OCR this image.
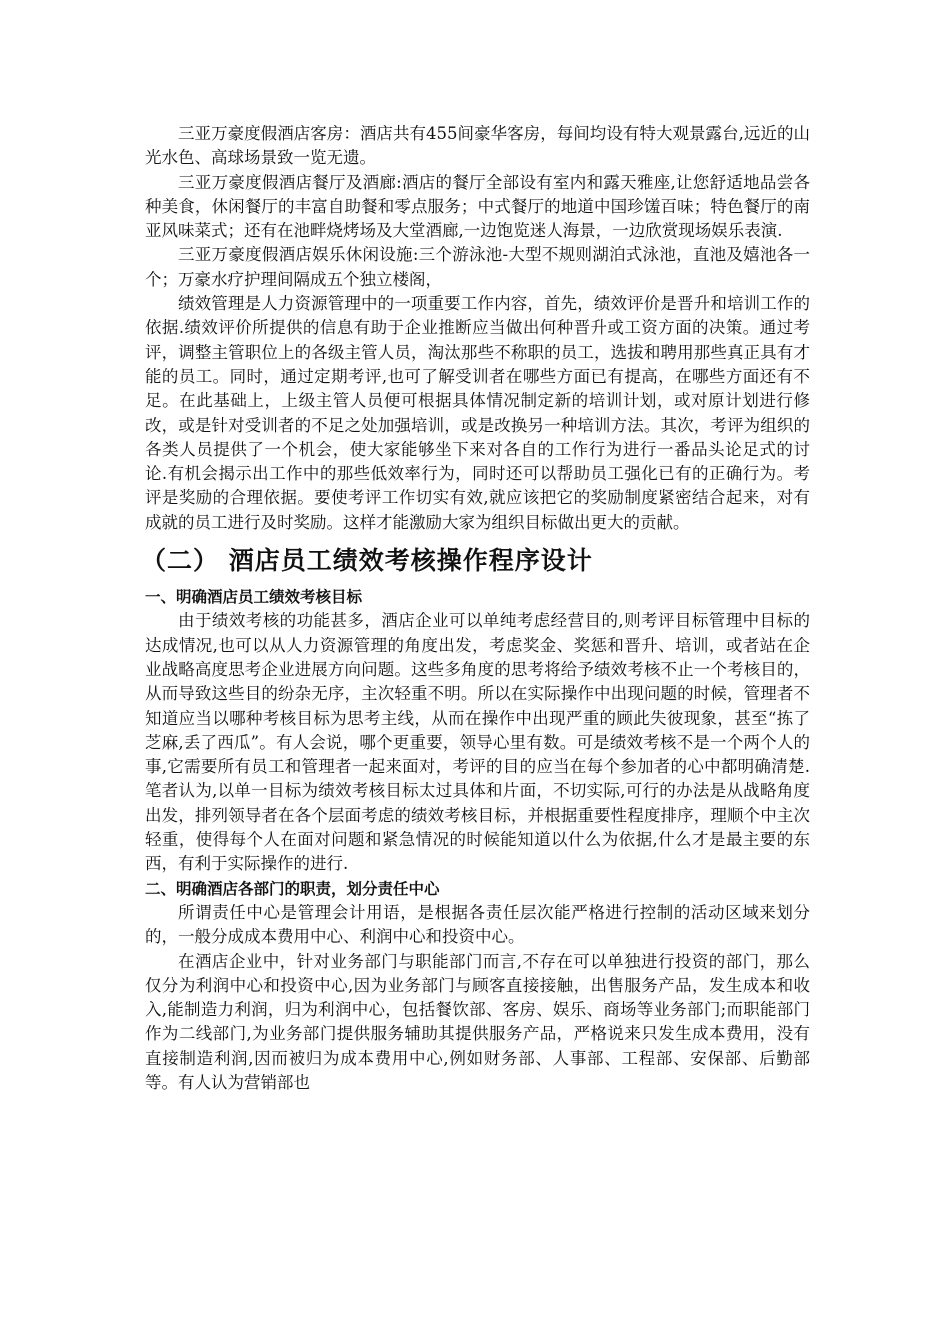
三亚万豪度假酒店客房：酒店共有455间豪华客房，每间均设有特大观景露台,远近的山光水色、高球场景致一览无遗。

三亚万豪度假酒店餐厅及酒廊:酒店的餐厅全部设有室内和露天雅座,让您舒适地品尝各种美食，休闲餐厅的丰富自助餐和零点服务；中式餐厅的地道中国珍馐百味；特色餐厅的南亚风味菜式；还有在池畔烧烤场及大堂酒廊,一边饱览迷人海景，一边欣赏现场娱乐表演.

三亚万豪度假酒店娱乐休闲设施:三个游泳池-大型不规则湖泊式泳池，直池及嬉池各一个；万豪水疗护理间隔成五个独立楼阁，

绩效管理是人力资源管理中的一项重要工作内容，首先，绩效评价是晋升和培训工作的依据.绩效评价所提供的信息有助于企业推断应当做出何种晋升或工资方面的决策。通过考评，调整主管职位上的各级主管人员，淘汰那些不称职的员工，选拔和聘用那些真正具有才能的员工。同时，通过定期考评,也可了解受训者在哪些方面已有提高，在哪些方面还有不足。在此基础上，上级主管人员便可根据具体情况制定新的培训计划，或对原计划进行修改，或是针对受训者的不足之处加强培训，或是改换另一种培训方法。其次，考评为组织的各类人员提供了一个机会，使大家能够坐下来对各自的工作行为进行一番品头论足式的讨论.有机会揭示出工作中的那些低效率行为，同时还可以帮助员工强化已有的正确行为。考评是奖励的合理依据。要使考评工作切实有效,就应该把它的奖励制度紧密结合起来，对有成就的员工进行及时奖励。这样才能激励大家为组织目标做出更大的贡献。

（二） 酒店员工绩效考核操作程序设计
一、明确酒店员工绩效考核目标

由于绩效考核的功能甚多，酒店企业可以单纯考虑经营目的,则考评目标管理中目标的达成情况,也可以从人力资源管理的角度出发，考虑奖金、奖惩和晋升、培训，或者站在企业战略高度思考企业进展方向问题。这些多角度的思考将给予绩效考核不止一个考核目的，从而导致这些目的纷杂无序，主次轻重不明。所以在实际操作中出现问题的时候，管理者不知道应当以哪种考核目标为思考主线，从而在操作中出现严重的顾此失彼现象，甚至“拣了芝麻,丢了西瓜”。有人会说，哪个更重要，领导心里有数。可是绩效考核不是一个两个人的事,它需要所有员工和管理者一起来面对，考评的目的应当在每个参加者的心中都明确清楚.笔者认为,以单一目标为绩效考核目标太过具体和片面，不切实际,可行的办法是从战略角度出发，排列领导者在各个层面考虑的绩效考核目标，并根据重要性程度排序，理顺个中主次轻重，使得每个人在面对问题和紧急情况的时候能知道以什么为依据,什么才是最主要的东西，有利于实际操作的进行.

二、明确酒店各部门的职责，划分责任中心

所谓责任中心是管理会计用语，是根据各责任层次能严格进行控制的活动区域来划分的，一般分成成本费用中心、利润中心和投资中心。

在酒店企业中，针对业务部门与职能部门而言,不存在可以单独进行投资的部门，那么仅分为利润中心和投资中心,因为业务部门与顾客直接接触，出售服务产品，发生成本和收入,能制造力利润，归为利润中心，包括餐饮部、客房、娱乐、商场等业务部门;而职能部门作为二线部门,为业务部门提供服务辅助其提供服务产品，严格说来只发生成本费用，没有直接制造利润,因而被归为成本费用中心,例如财务部、人事部、工程部、安保部、后勤部等。有人认为营销部也
